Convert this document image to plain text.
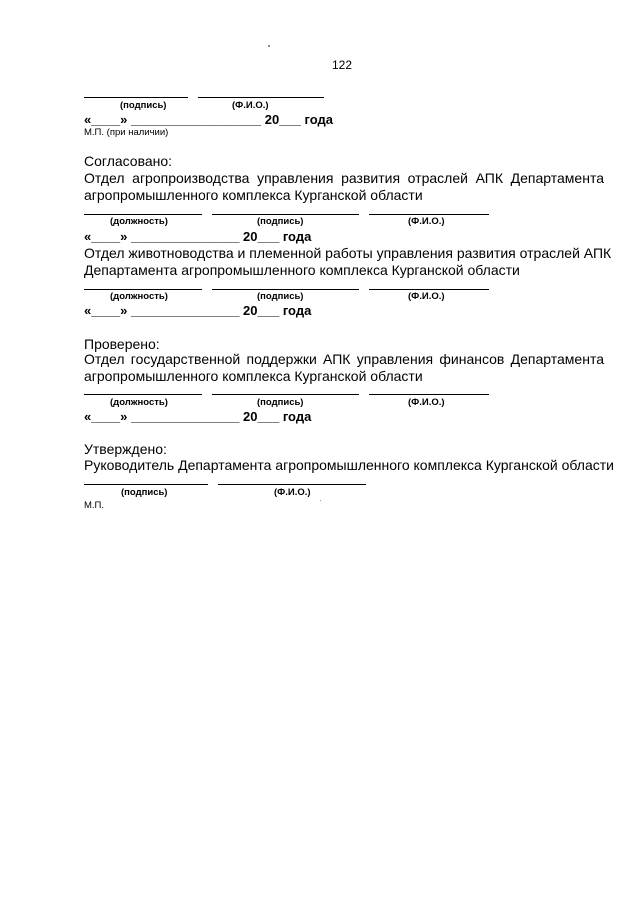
122
(подпись)	(Ф.И.О.)
«____» __________________ 20___ года
М.П. (при наличии)
Согласовано:
Отдел агропроизводства управления развития отраслей АПК Департамента
агропромышленного комплекса Курганской области
(должность)	(подпись)	(Ф.И.О.)
«____» _______________ 20___ года
Отдел животноводства и племенной работы управления развития отраслей АПК
Департамента агропромышленного комплекса Курганской области
(должность)	(подпись)	(Ф.И.О.)
«____» _______________ 20___ года
Проверено:
Отдел государственной поддержки АПК управления финансов Департамента
агропромышленного комплекса Курганской области
(должность)	(подпись)	(Ф.И.О.)
«____» _______________ 20___ года
Утверждено:
Руководитель Департамента агропромышленного комплекса Курганской области
(подпись)	(Ф.И.О.)
М.П.
